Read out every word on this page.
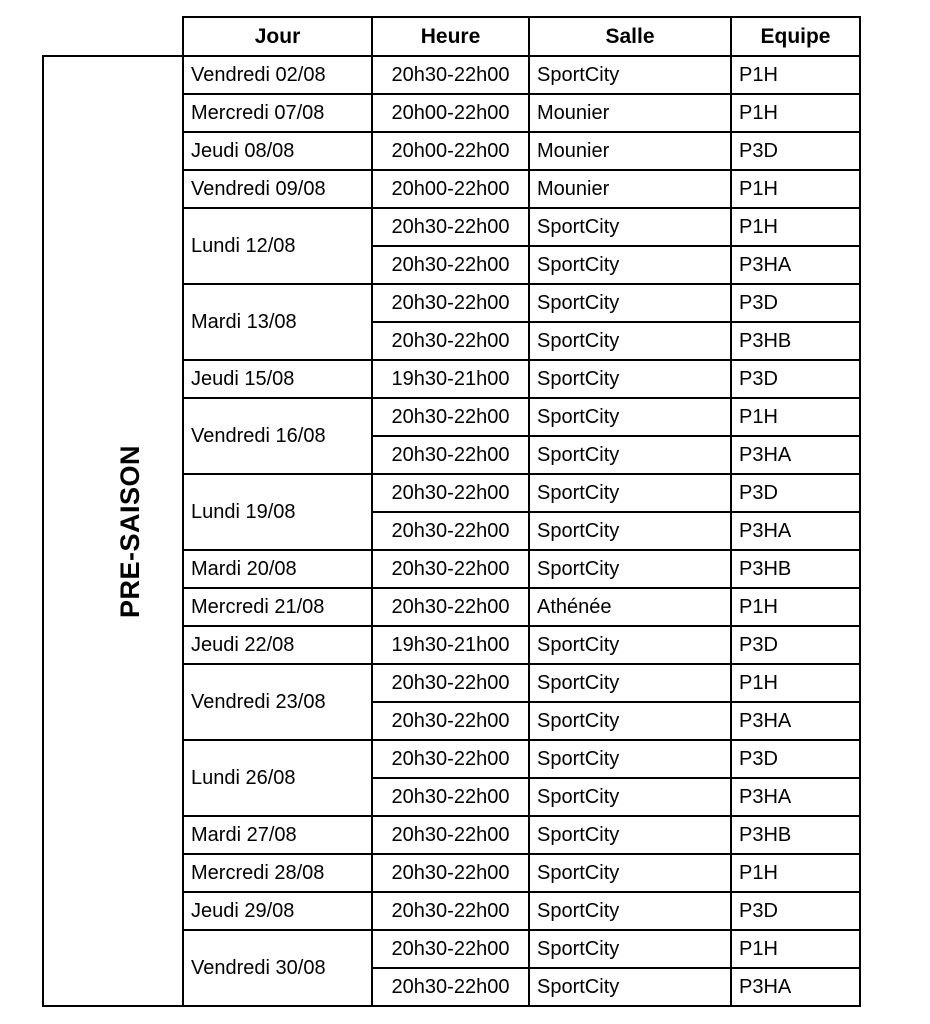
	Jour	Heure	Salle	Equipe
PRE-SAISON	Vendredi 02/08	20h30-22h00	SportCity	P1H
	Mercredi 07/08	20h00-22h00	Mounier	P1H
	Jeudi 08/08	20h00-22h00	Mounier	P3D
	Vendredi 09/08	20h00-22h00	Mounier	P1H
	Lundi 12/08	20h30-22h00	SportCity	P1H
		20h30-22h00	SportCity	P3HA
	Mardi 13/08	20h30-22h00	SportCity	P3D
		20h30-22h00	SportCity	P3HB
	Jeudi 15/08	19h30-21h00	SportCity	P3D
	Vendredi 16/08	20h30-22h00	SportCity	P1H
		20h30-22h00	SportCity	P3HA
	Lundi 19/08	20h30-22h00	SportCity	P3D
		20h30-22h00	SportCity	P3HA
	Mardi 20/08	20h30-22h00	SportCity	P3HB
	Mercredi 21/08	20h30-22h00	Athénée	P1H
	Jeudi 22/08	19h30-21h00	SportCity	P3D
	Vendredi 23/08	20h30-22h00	SportCity	P1H
		20h30-22h00	SportCity	P3HA
	Lundi 26/08	20h30-22h00	SportCity	P3D
		20h30-22h00	SportCity	P3HA
	Mardi 27/08	20h30-22h00	SportCity	P3HB
	Mercredi 28/08	20h30-22h00	SportCity	P1H
	Jeudi 29/08	20h30-22h00	SportCity	P3D
	Vendredi 30/08	20h30-22h00	SportCity	P1H
		20h30-22h00	SportCity	P3HA
